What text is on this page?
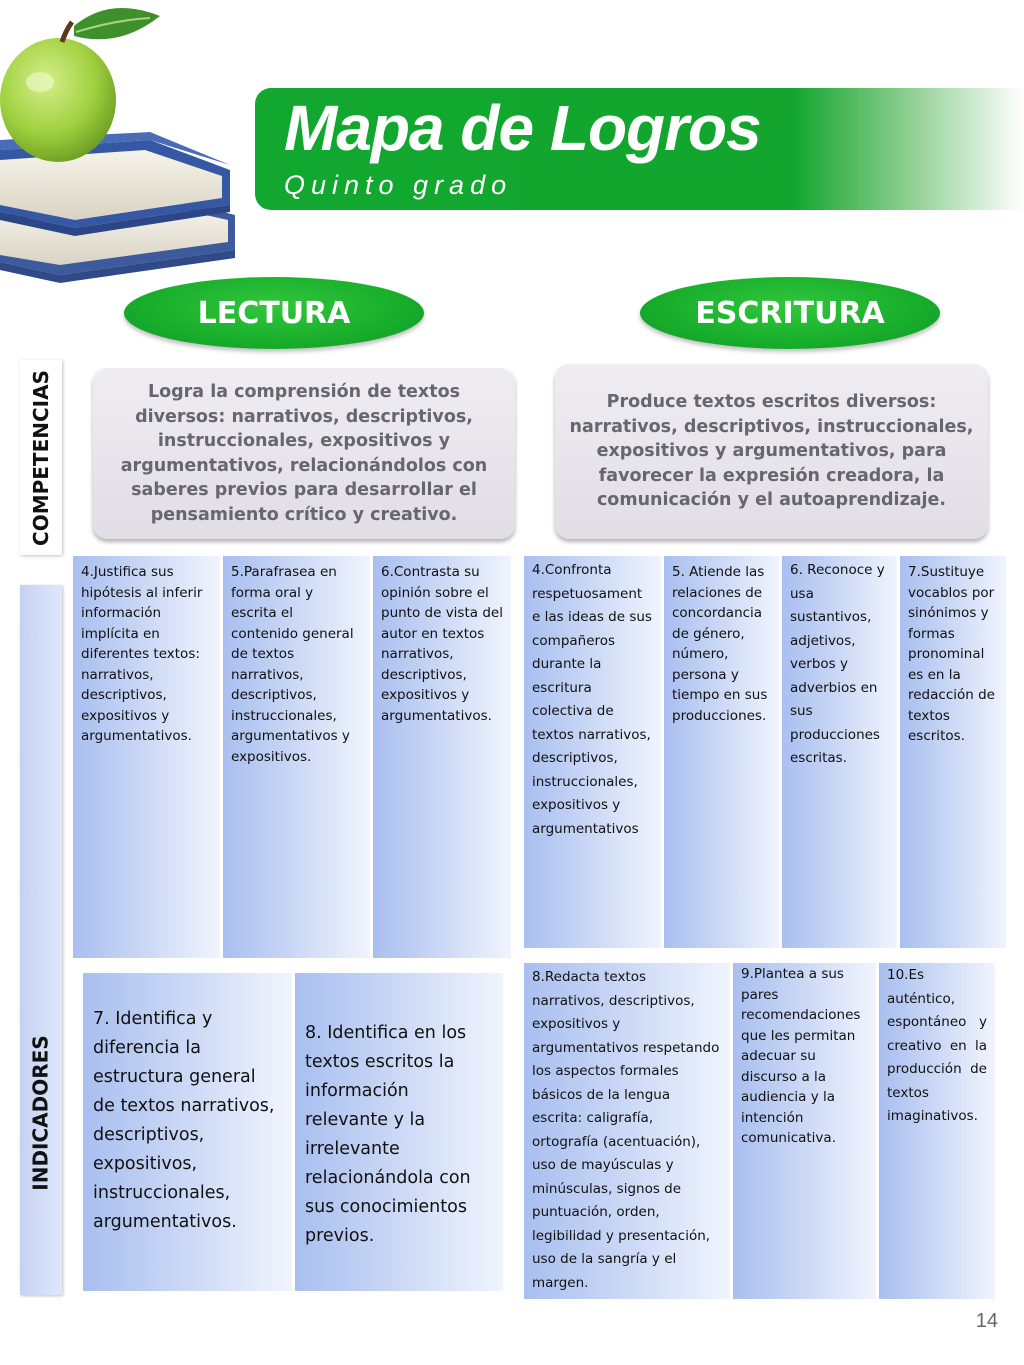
Mapa de Logros
Quinto grado
LECTURA	ESCRITURA
COMPETENCIAS
INDICADORES
Logra la comprensión de textos diversos: narrativos, descriptivos, instruccionales, expositivos y argumentativos, relacionándolos con saberes previos para desarrollar el pensamiento crítico y creativo.
Produce textos escritos diversos: narrativos, descriptivos, instruccionales, expositivos y argumentativos, para favorecer la expresión creadora, la comunicación y el autoaprendizaje.
4.Justifica sus hipótesis al inferir información implícita en diferentes textos: narrativos, descriptivos, expositivos y argumentativos.
5.Parafrasea en forma oral y escrita el contenido general de textos narrativos, descriptivos, instruccionales, argumentativos y expositivos.
6.Contrasta su opinión sobre el punto de vista del autor en textos narrativos, descriptivos, expositivos y argumentativos.
7. Identifica y diferencia la estructura general de textos narrativos, descriptivos, expositivos, instruccionales, argumentativos.
8. Identifica en los textos escritos la información relevante y la irrelevante relacionándola con sus conocimientos previos.
4.Confronta respetuosament e las ideas de sus compañeros durante la escritura colectiva de textos narrativos, descriptivos, instruccionales, expositivos y argumentativos
5. Atiende las relaciones de concordancia de género, número, persona y tiempo en sus producciones.
6. Reconoce y usa sustantivos, adjetivos, verbos y adverbios en sus producciones escritas.
7.Sustituye vocablos por sinónimos y formas pronominal es en la redacción de textos escritos.
8.Redacta textos narrativos, descriptivos, expositivos y argumentativos respetando los aspectos formales básicos de la lengua escrita: caligrafía, ortografía (acentuación), uso de mayúsculas y minúsculas, signos de puntuación, orden, legibilidad y presentación, uso de la sangría y el margen.
9.Plantea a sus pares recomendaciones que les permitan adecuar su discurso a la audiencia y la intención comunicativa.
10.Es auténtico, espontáneo y creativo en la producción de textos imaginativos.
14
